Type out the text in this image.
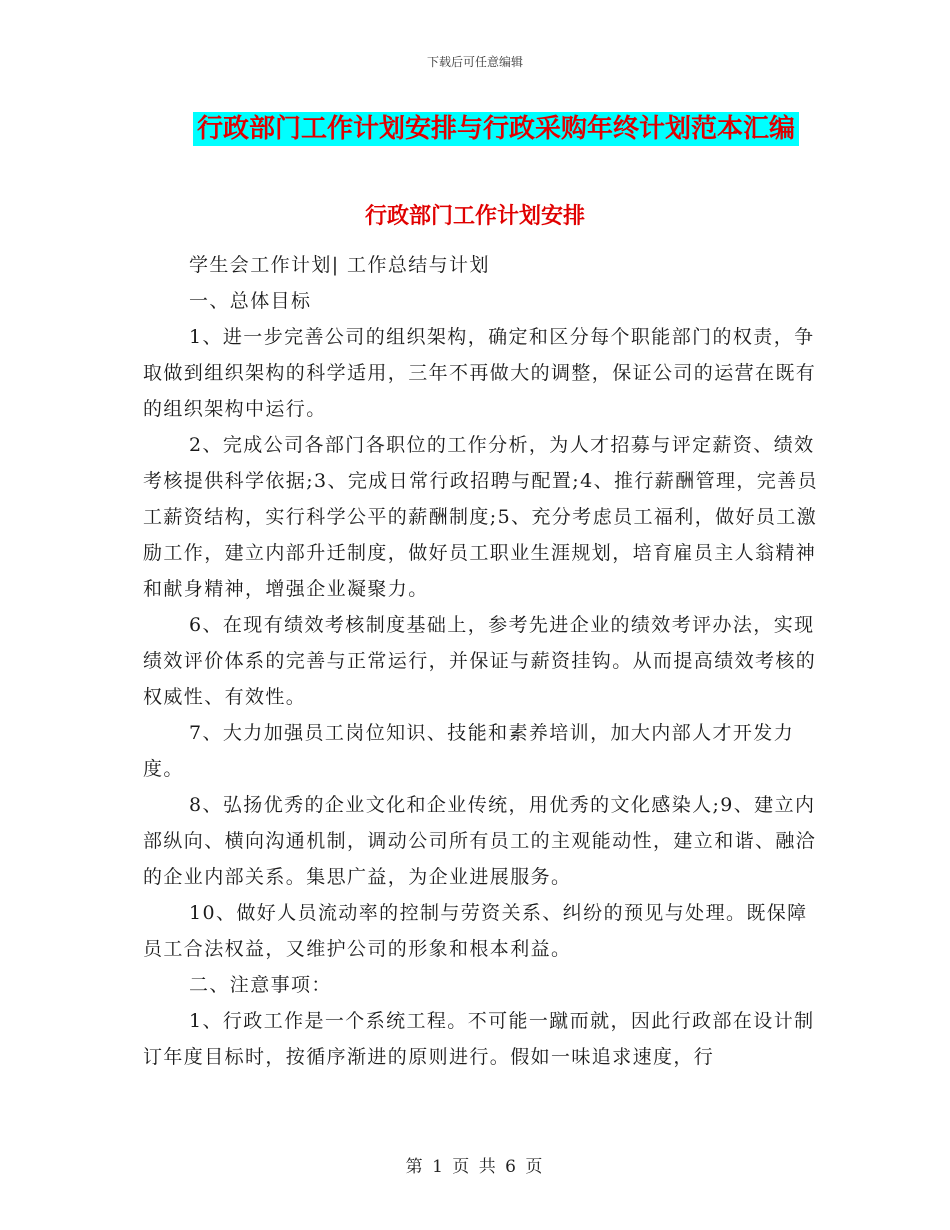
下载后可任意编辑
行政部门工作计划安排与行政采购年终计划范本汇编
行政部门工作计划安排

学生会工作计划| 工作总结与计划

一、总体目标

1、进一步完善公司的组织架构，确定和区分每个职能部门的权责，争取做到组织架构的科学适用，三年不再做大的调整，保证公司的运营在既有的组织架构中运行。

2、完成公司各部门各职位的工作分析，为人才招募与评定薪资、绩效考核提供科学依据;3、完成日常行政招聘与配置;4、推行薪酬管理，完善员工薪资结构，实行科学公平的薪酬制度;5、充分考虑员工福利，做好员工激励工作，建立内部升迁制度，做好员工职业生涯规划，培育雇员主人翁精神和献身精神，增强企业凝聚力。

6、在现有绩效考核制度基础上，参考先进企业的绩效考评办法，实现绩效评价体系的完善与正常运行，并保证与薪资挂钩。从而提高绩效考核的权威性、有效性。

7、大力加强员工岗位知识、技能和素养培训，加大内部人才开发力度。

8、弘扬优秀的企业文化和企业传统，用优秀的文化感染人;9、建立内部纵向、横向沟通机制，调动公司所有员工的主观能动性，建立和谐、融洽的企业内部关系。集思广益，为企业进展服务。

10、做好人员流动率的控制与劳资关系、纠纷的预见与处理。既保障员工合法权益，又维护公司的形象和根本利益。

二、注意事项：

1、行政工作是一个系统工程。不可能一蹴而就，因此行政部在设计制订年度目标时，按循序渐进的原则进行。假如一味追求速度，行

第 1 页 共 6 页
